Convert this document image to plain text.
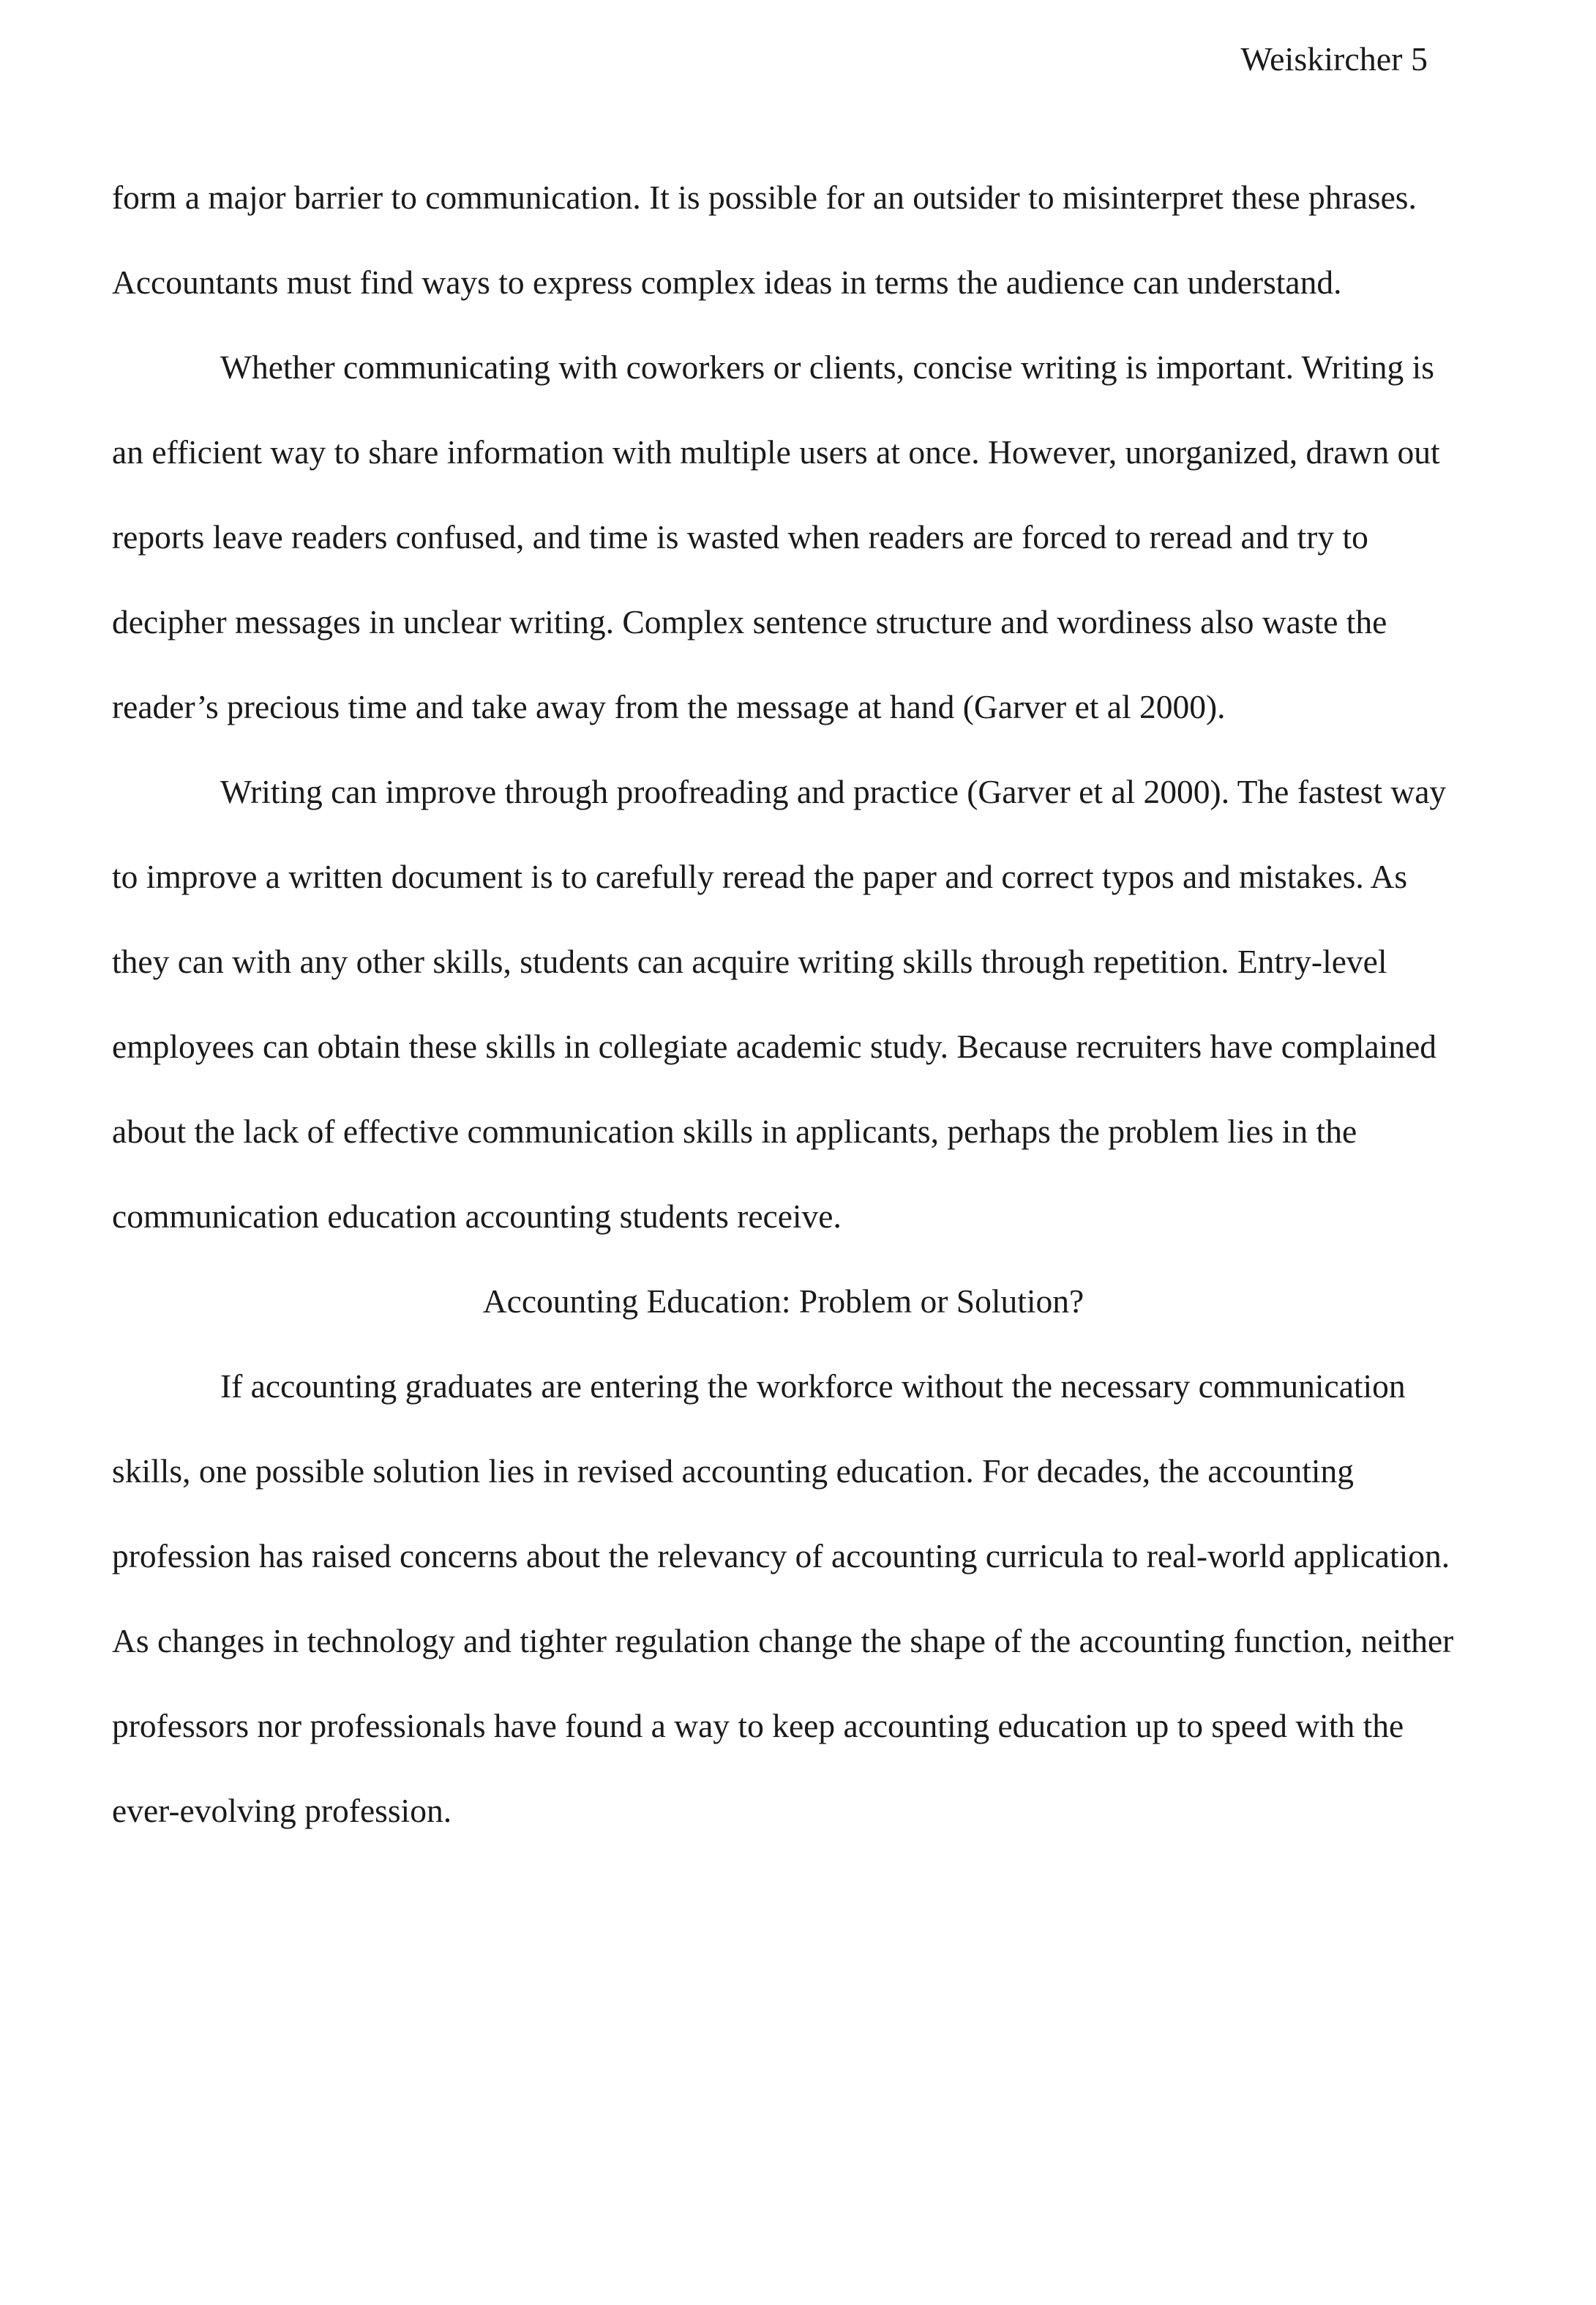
Weiskircher 5

form a major barrier to communication. It is possible for an outsider to misinterpret these phrases. Accountants must find ways to express complex ideas in terms the audience can understand.

Whether communicating with coworkers or clients, concise writing is important. Writing is an efficient way to share information with multiple users at once. However, unorganized, drawn out reports leave readers confused, and time is wasted when readers are forced to reread and try to decipher messages in unclear writing. Complex sentence structure and wordiness also waste the reader’s precious time and take away from the message at hand (Garver et al 2000).

Writing can improve through proofreading and practice (Garver et al 2000). The fastest way to improve a written document is to carefully reread the paper and correct typos and mistakes. As they can with any other skills, students can acquire writing skills through repetition. Entry-level employees can obtain these skills in collegiate academic study. Because recruiters have complained about the lack of effective communication skills in applicants, perhaps the problem lies in the communication education accounting students receive.

Accounting Education: Problem or Solution?

If accounting graduates are entering the workforce without the necessary communication skills, one possible solution lies in revised accounting education. For decades, the accounting profession has raised concerns about the relevancy of accounting curricula to real-world application. As changes in technology and tighter regulation change the shape of the accounting function, neither professors nor professionals have found a way to keep accounting education up to speed with the ever-evolving profession.
